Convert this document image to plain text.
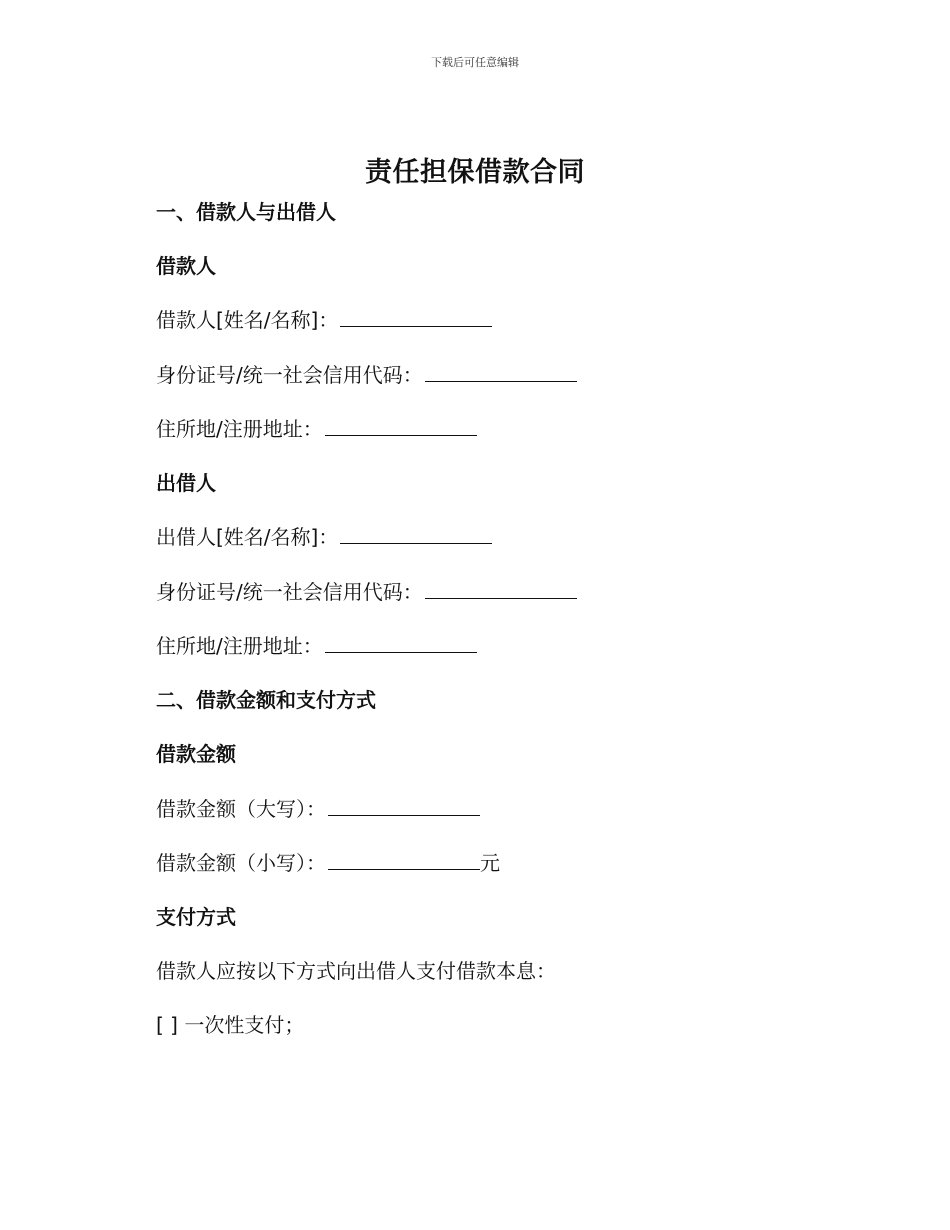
下载后可任意编辑
责任担保借款合同
一、借款人与出借人
借款人
借款人[姓名/名称]：
身份证号/统一社会信用代码：
住所地/注册地址：
出借人
出借人[姓名/名称]：
身份证号/统一社会信用代码：
住所地/注册地址：
二、借款金额和支付方式
借款金额
借款金额（大写）：
借款金额（小写）：	元
支付方式
借款人应按以下方式向出借人支付借款本息：
[ ] 一次性支付；
